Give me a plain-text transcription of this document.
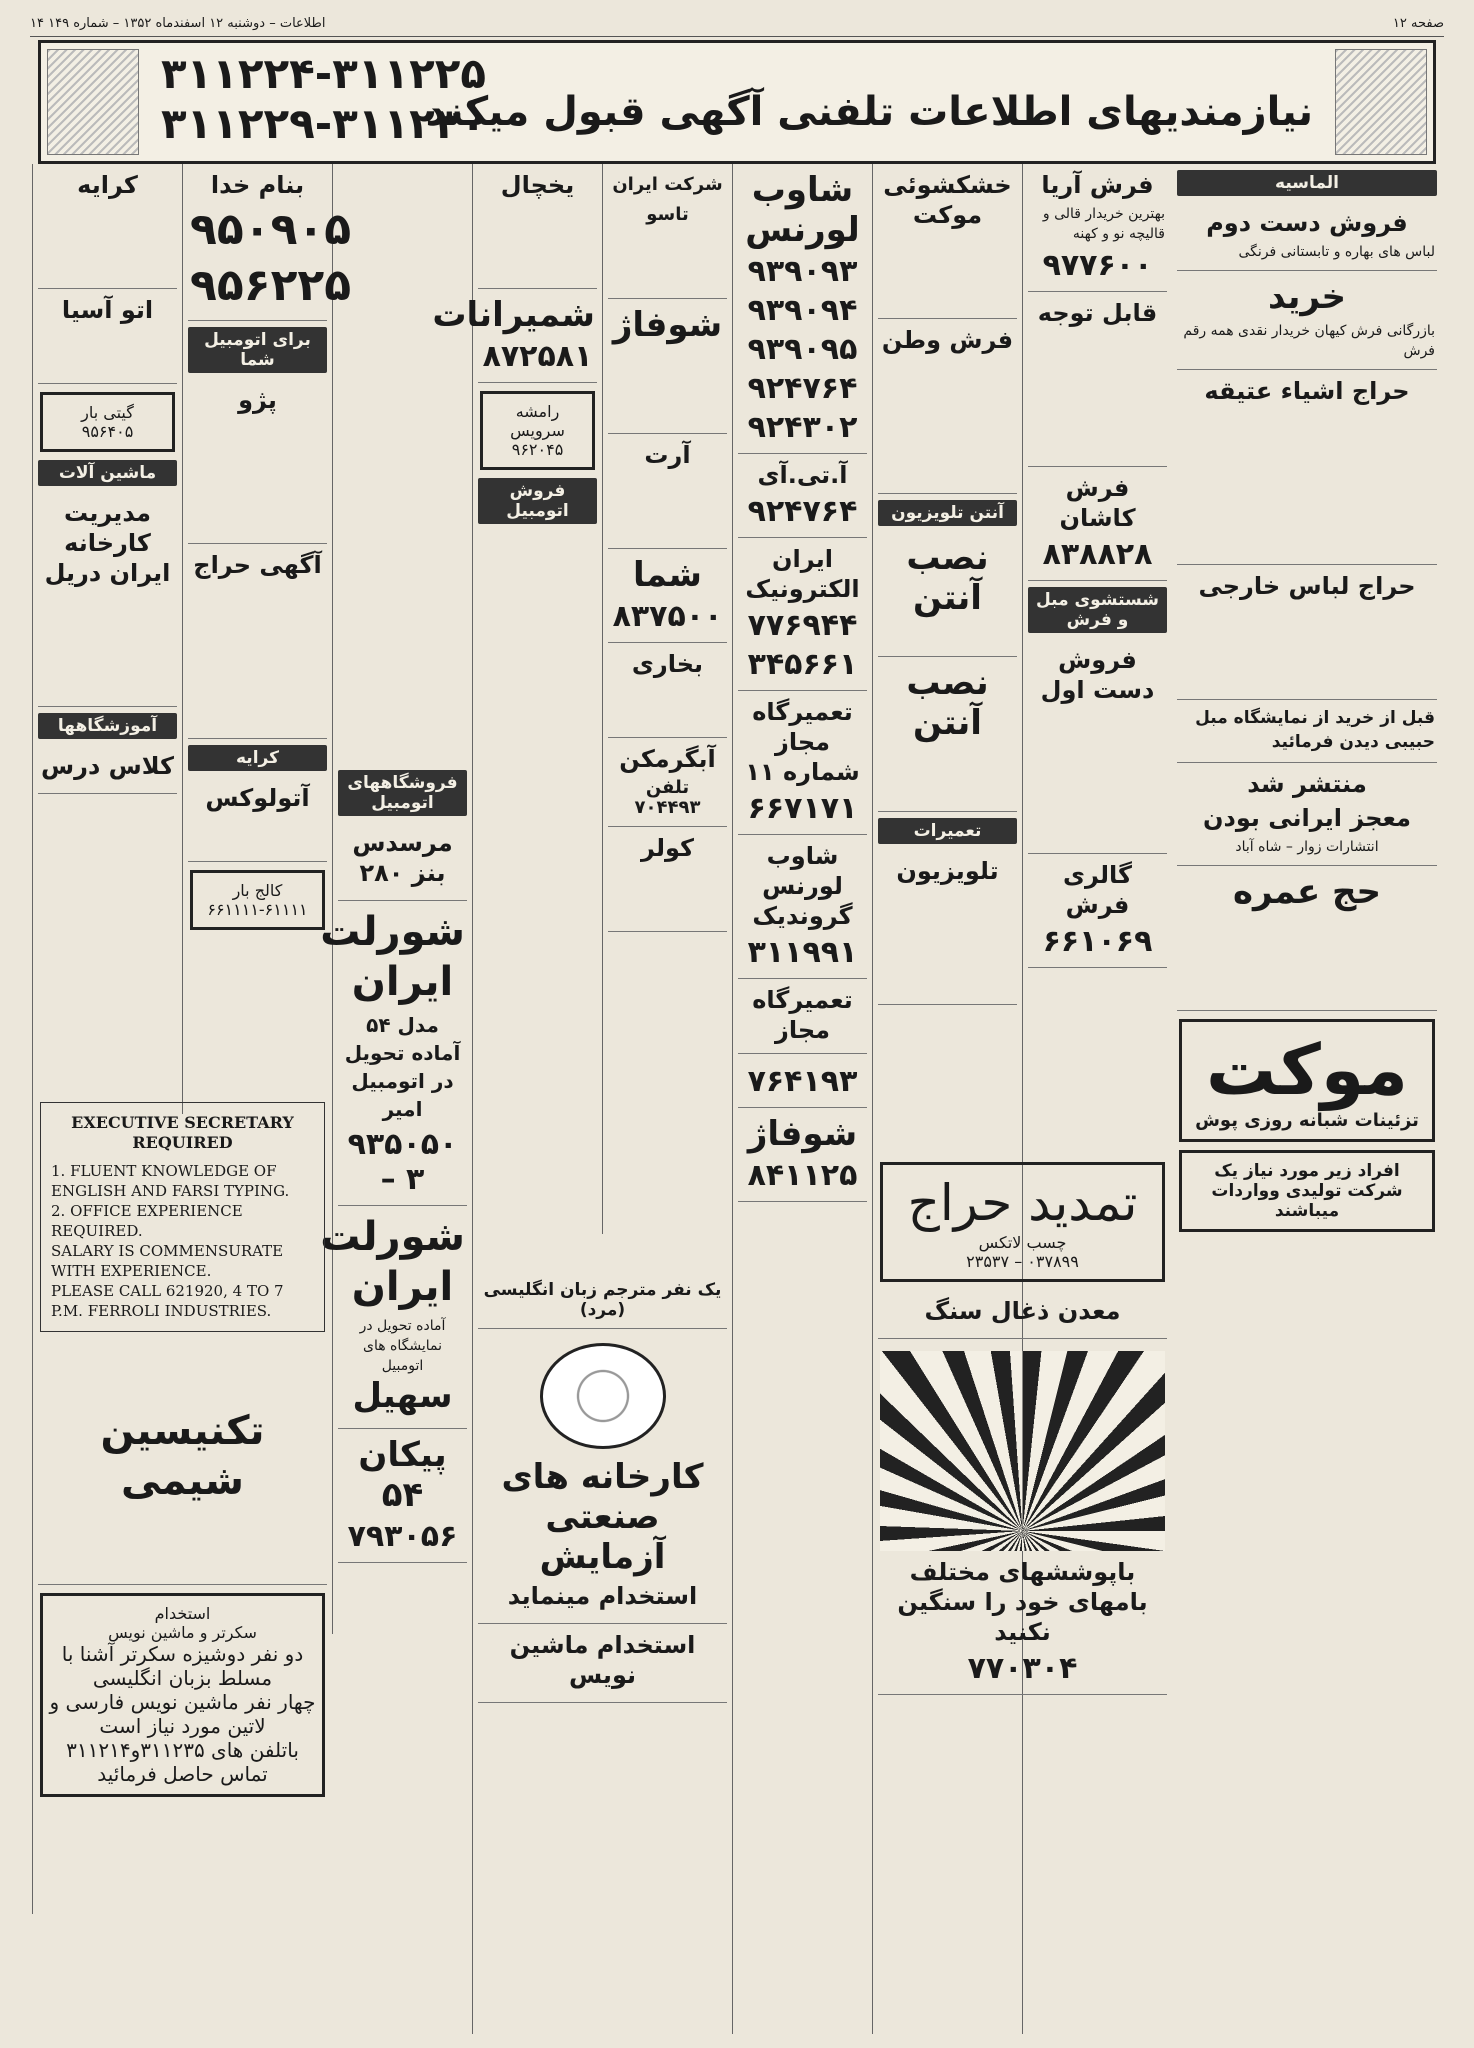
صفحه ۱۲
اطلاعات – دوشنبه ۱۲ اسفندماه ۱۳۵۲ – شماره ۱۴۹ ۱۴
نیازمندیهای اطلاعات تلفنی آگهی قبول میکند
۳۱۱۲۲۴-۳۱۱۲۲۵
۳۱۱۲۲۹-۳۱۱۲۳۰
الماسیه
فروش دست دوم
لباس های بهاره و تابستانی فرنگی
خرید
بازرگانی فرش کیهان خریدار نقدی همه رقم فرش
حراج اشیاء عتیقه
حراج لباس خارجی
قبل از خرید از نمایشگاه مبل حبیبی دیدن فرمائید
منتشر شد
معجز ایرانی بودن
انتشارات زوار – شاه آباد
حج عمره
موکت
تزئینات شبانه روزی پوش
افراد زیر مورد نیاز یک شرکت تولیدی وواردات میباشند
فرش آریا
بهترین خریدار قالی و قالیچه نو و کهنه
۹۷۷۶۰۰
قابل توجه
فرش کاشان
۸۳۸۸۲۸
شستشوی مبل و فرش
فروش دست اول
گالری فرش
۶۶۱۰۶۹
خشکشوئی موکت
فرش وطن
آنتن تلویزیون
نصب آنتن
نصب آنتن
تعمیرات
تلویزیون
تمدید حراج
چسب لاتکس
۰۳۷۸۹۹ – ۲۳۵۳۷
معدن ذغال سنگ
باپوششهای مختلف بامهای خود را سنگین نکنید
۷۷۰۳۰۴
شاوب لورنس
۹۳۹۰۹۳
۹۳۹۰۹۴
۹۳۹۰۹۵
۹۲۴۷۶۴
۹۲۴۳۰۲
آ.تی.آی
۹۲۴۷۶۴
ایران الکترونیک
۷۷۶۹۴۴
۳۴۵۶۶۱
تعمیرگاه مجاز شماره ۱۱
۶۶۷۱۷۱
شاوب لورنس گروندیک
۳۱۱۹۹۱
تعمیرگاه مجاز
۷۶۴۱۹۳
شوفاژ
۸۴۱۱۲۵
شرکت ایران تاسو
شوفاژ
آرت
شما
۸۳۷۵۰۰
بخاری
آبگرمکن
تلفن ۷۰۴۴۹۳
کولر
یخچال
شمیرانات
۸۷۲۵۸۱
رامشه سرویس
۹۶۲۰۴۵
فروش اتومبیل
یک نفر مترجم زبان انگلیسی (مرد)
کارخانه های صنعتی آزمایش
استخدام مینماید
استخدام ماشین نویس
فروشگاههای اتومبیل
مرسدس بنز ۲۸۰
شورلت ایران
مدل ۵۴ آماده تحویل در اتومبیل امیر
۹۳۵۰۵۰ – ۳
شورلت ایران
آماده تحویل در نمایشگاه های اتومبیل
سهیل
پیکان ۵۴
۷۹۳۰۵۶
بنام خدا
۹۵۰۹۰۵
۹۵۶۲۲۵
برای اتومبیل شما
پژو
آگهی حراج
کرایه
آتولوکس
کالج بار
۶۶۱۱۱۱-۶۱۱۱۱
کرایه
اتو آسیا
گیتی بار
۹۵۶۴۰۵
ماشین آلات
مدیریت کارخانه ایران دریل
آموزشگاهها
کلاس درس
EXECUTIVE SECRETARY REQUIRED
1. FLUENT KNOWLEDGE OF ENGLISH AND FARSI TYPING.
2. OFFICE EXPERIENCE REQUIRED.
SALARY IS COMMENSURATE WITH EXPERIENCE.
PLEASE CALL 621920, 4 TO 7 P.M. FERROLI INDUSTRIES.
تکنیسین شیمی
استخدام
سکرتر و ماشین نویس
دو نفر دوشیزه سکرتر آشنا با مسلط بزبان انگلیسی
چهار نفر ماشین نویس فارسی و لاتین مورد نیاز است
باتلفن های ۳۱۱۲۳۵و۳۱۱۲۱۴
تماس حاصل فرمائید
